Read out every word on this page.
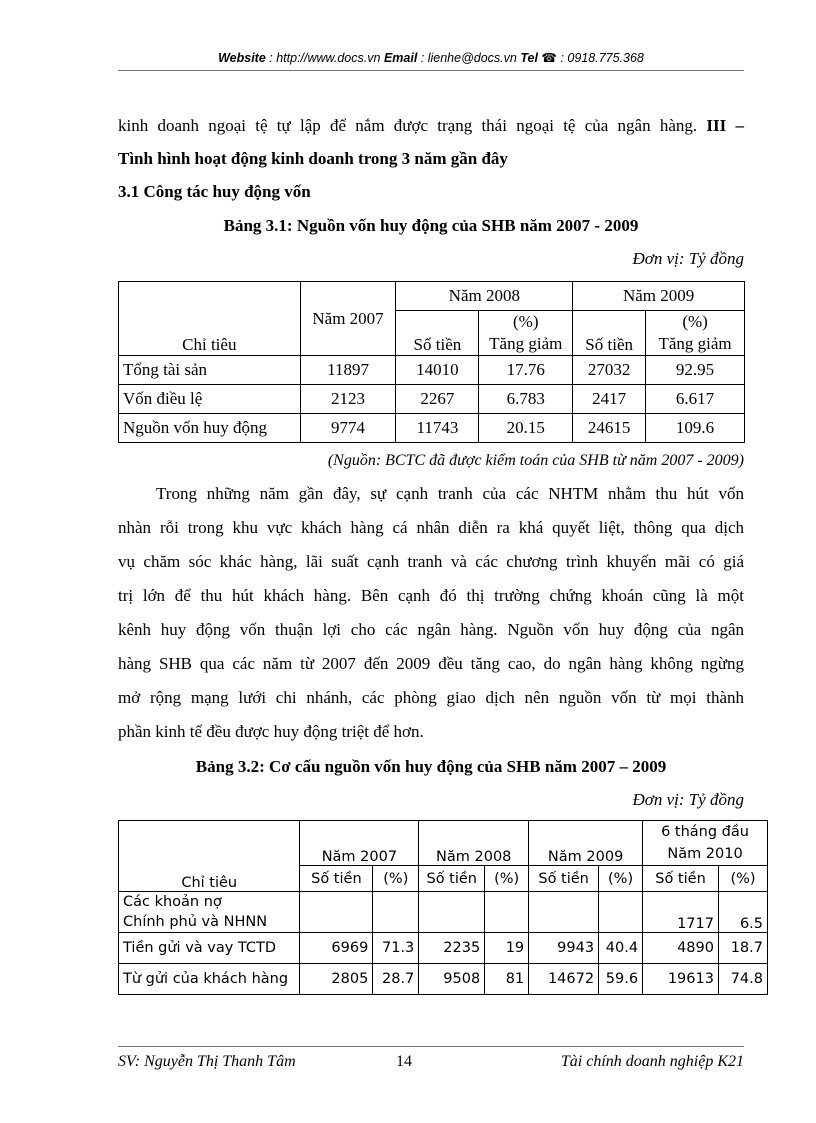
Website : http://www.docs.vn Email : lienhe@docs.vn Tel ☎ : 0918.775.368
kinh doanh ngoại tệ tự lập để nắm được trạng thái ngoại tệ của ngân hàng. III –
Tình hình hoạt động kinh doanh trong 3 năm gần đây
3.1 Công tác huy động vốn
Bảng 3.1: Nguồn vốn huy động của SHB năm 2007 - 2009
Đơn vị: Tỷ đồng
Chỉ tiêu	Năm 2007	Năm 2008		Năm 2009	
		Số tiền	(%)	Số tiền	(%)
			Tăng giảm		Tăng giảm
Tổng tài sản	11897	14010	17.76	27032	92.95
Vốn điều lệ	2123	2267	6.783	2417	6.617
Nguồn vốn huy động	9774	11743	20.15	24615	109.6
(Nguồn: BCTC đã được kiểm toán của SHB từ năm 2007 - 2009)
Trong những năm gần đây, sự cạnh tranh của các NHTM nhằm thu hút vốn
nhàn rỗi trong khu vực khách hàng cá nhân diễn ra khá quyết liệt, thông qua dịch
vụ chăm sóc khác hàng, lãi suất cạnh tranh và các chương trình khuyến mãi có giá
trị lớn để thu hút khách hàng. Bên cạnh đó thị trường chứng khoán cũng là một
kênh huy động vốn thuận lợi cho các ngân hàng. Nguồn vốn huy động của ngân
hàng SHB qua các năm từ 2007 đến 2009 đều tăng cao, do ngân hàng không ngừng
mở rộng mạng lưới chi nhánh, các phòng giao dịch nên nguồn vốn từ mọi thành
phần kinh tế đều được huy động triệt để hơn.
Bảng 3.2: Cơ cấu nguồn vốn huy động của SHB năm 2007 – 2009
Đơn vị: Tỷ đồng
Chỉ tiêu	Năm 2007		Năm 2008		Năm 2009		6 tháng đầu
Năm 2010	

	Số tiền	(%)	Số tiền	(%)	Số tiền	(%)	Số tiền	(%)

Các khoản nợ
Chính phủ và NHNN							1717	6.5
Tiền gửi và vay TCTD	6969	71.3	2235	19	9943	40.4	4890	18.7
Từ gửi của khách hàng	2805	28.7	9508	81	14672	59.6	19613	74.8
SV: Nguyễn Thị Thanh Tâm	14	Tài chính doanh nghiệp K21
